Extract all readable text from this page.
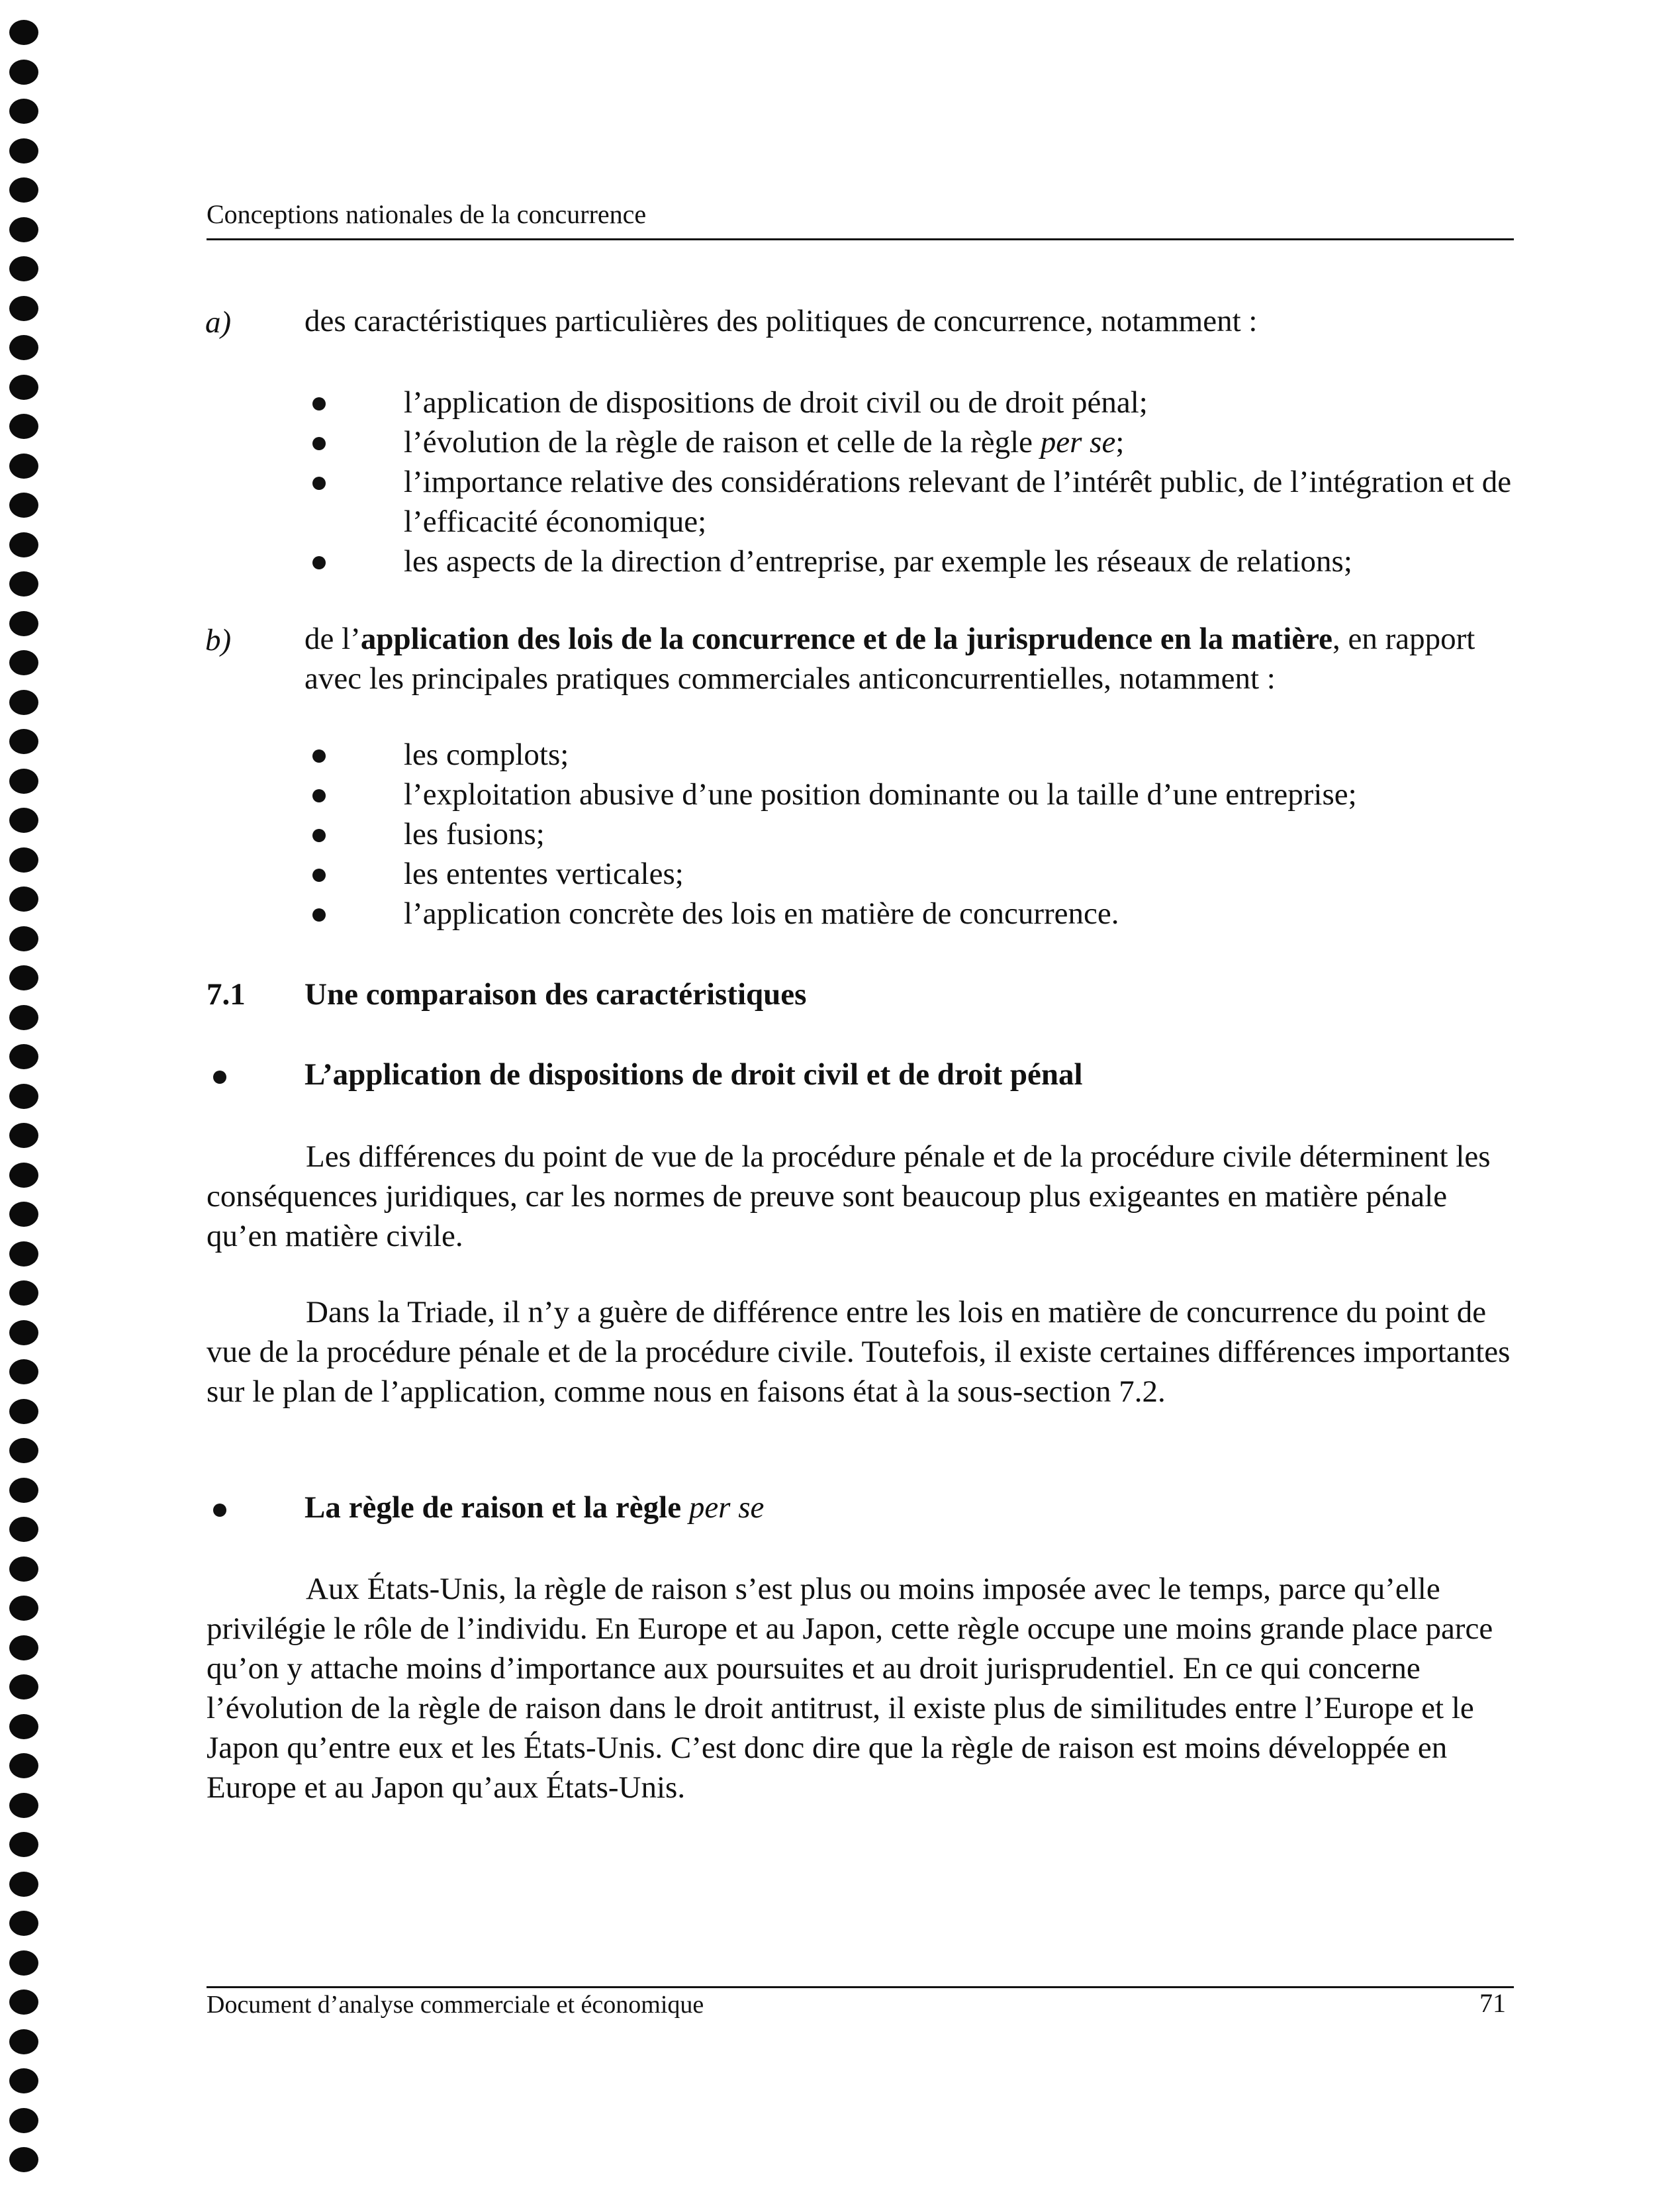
Conceptions nationales de la concurrence
a) des caractéristiques particulières des politiques de concurrence, notamment :
l’application de dispositions de droit civil ou de droit pénal;
l’évolution de la règle de raison et celle de la règle per se;
l’importance relative des considérations relevant de l’intérêt public, de l’intégration et de l’efficacité économique;
les aspects de la direction d’entreprise, par exemple les réseaux de relations;
b) de l’application des lois de la concurrence et de la jurisprudence en la matière, en rapport avec les principales pratiques commerciales anticoncurrentielles, notamment :
les complots;
l’exploitation abusive d’une position dominante ou la taille d’une entreprise;
les fusions;
les ententes verticales;
l’application concrète des lois en matière de concurrence.
7.1 Une comparaison des caractéristiques
L’application de dispositions de droit civil et de droit pénal
Les différences du point de vue de la procédure pénale et de la procédure civile déterminent les conséquences juridiques, car les normes de preuve sont beaucoup plus exigeantes en matière pénale qu’en matière civile.
Dans la Triade, il n’y a guère de différence entre les lois en matière de concurrence du point de vue de la procédure pénale et de la procédure civile. Toutefois, il existe certaines différences importantes sur le plan de l’application, comme nous en faisons état à la sous-section 7.2.
La règle de raison et la règle per se
Aux États-Unis, la règle de raison s’est plus ou moins imposée avec le temps, parce qu’elle privilégie le rôle de l’individu. En Europe et au Japon, cette règle occupe une moins grande place parce qu’on y attache moins d’importance aux poursuites et au droit jurisprudentiel. En ce qui concerne l’évolution de la règle de raison dans le droit antitrust, il existe plus de similitudes entre l’Europe et le Japon qu’entre eux et les États-Unis. C’est donc dire que la règle de raison est moins développée en Europe et au Japon qu’aux États-Unis.
Document d’analyse commerciale et économique	71
